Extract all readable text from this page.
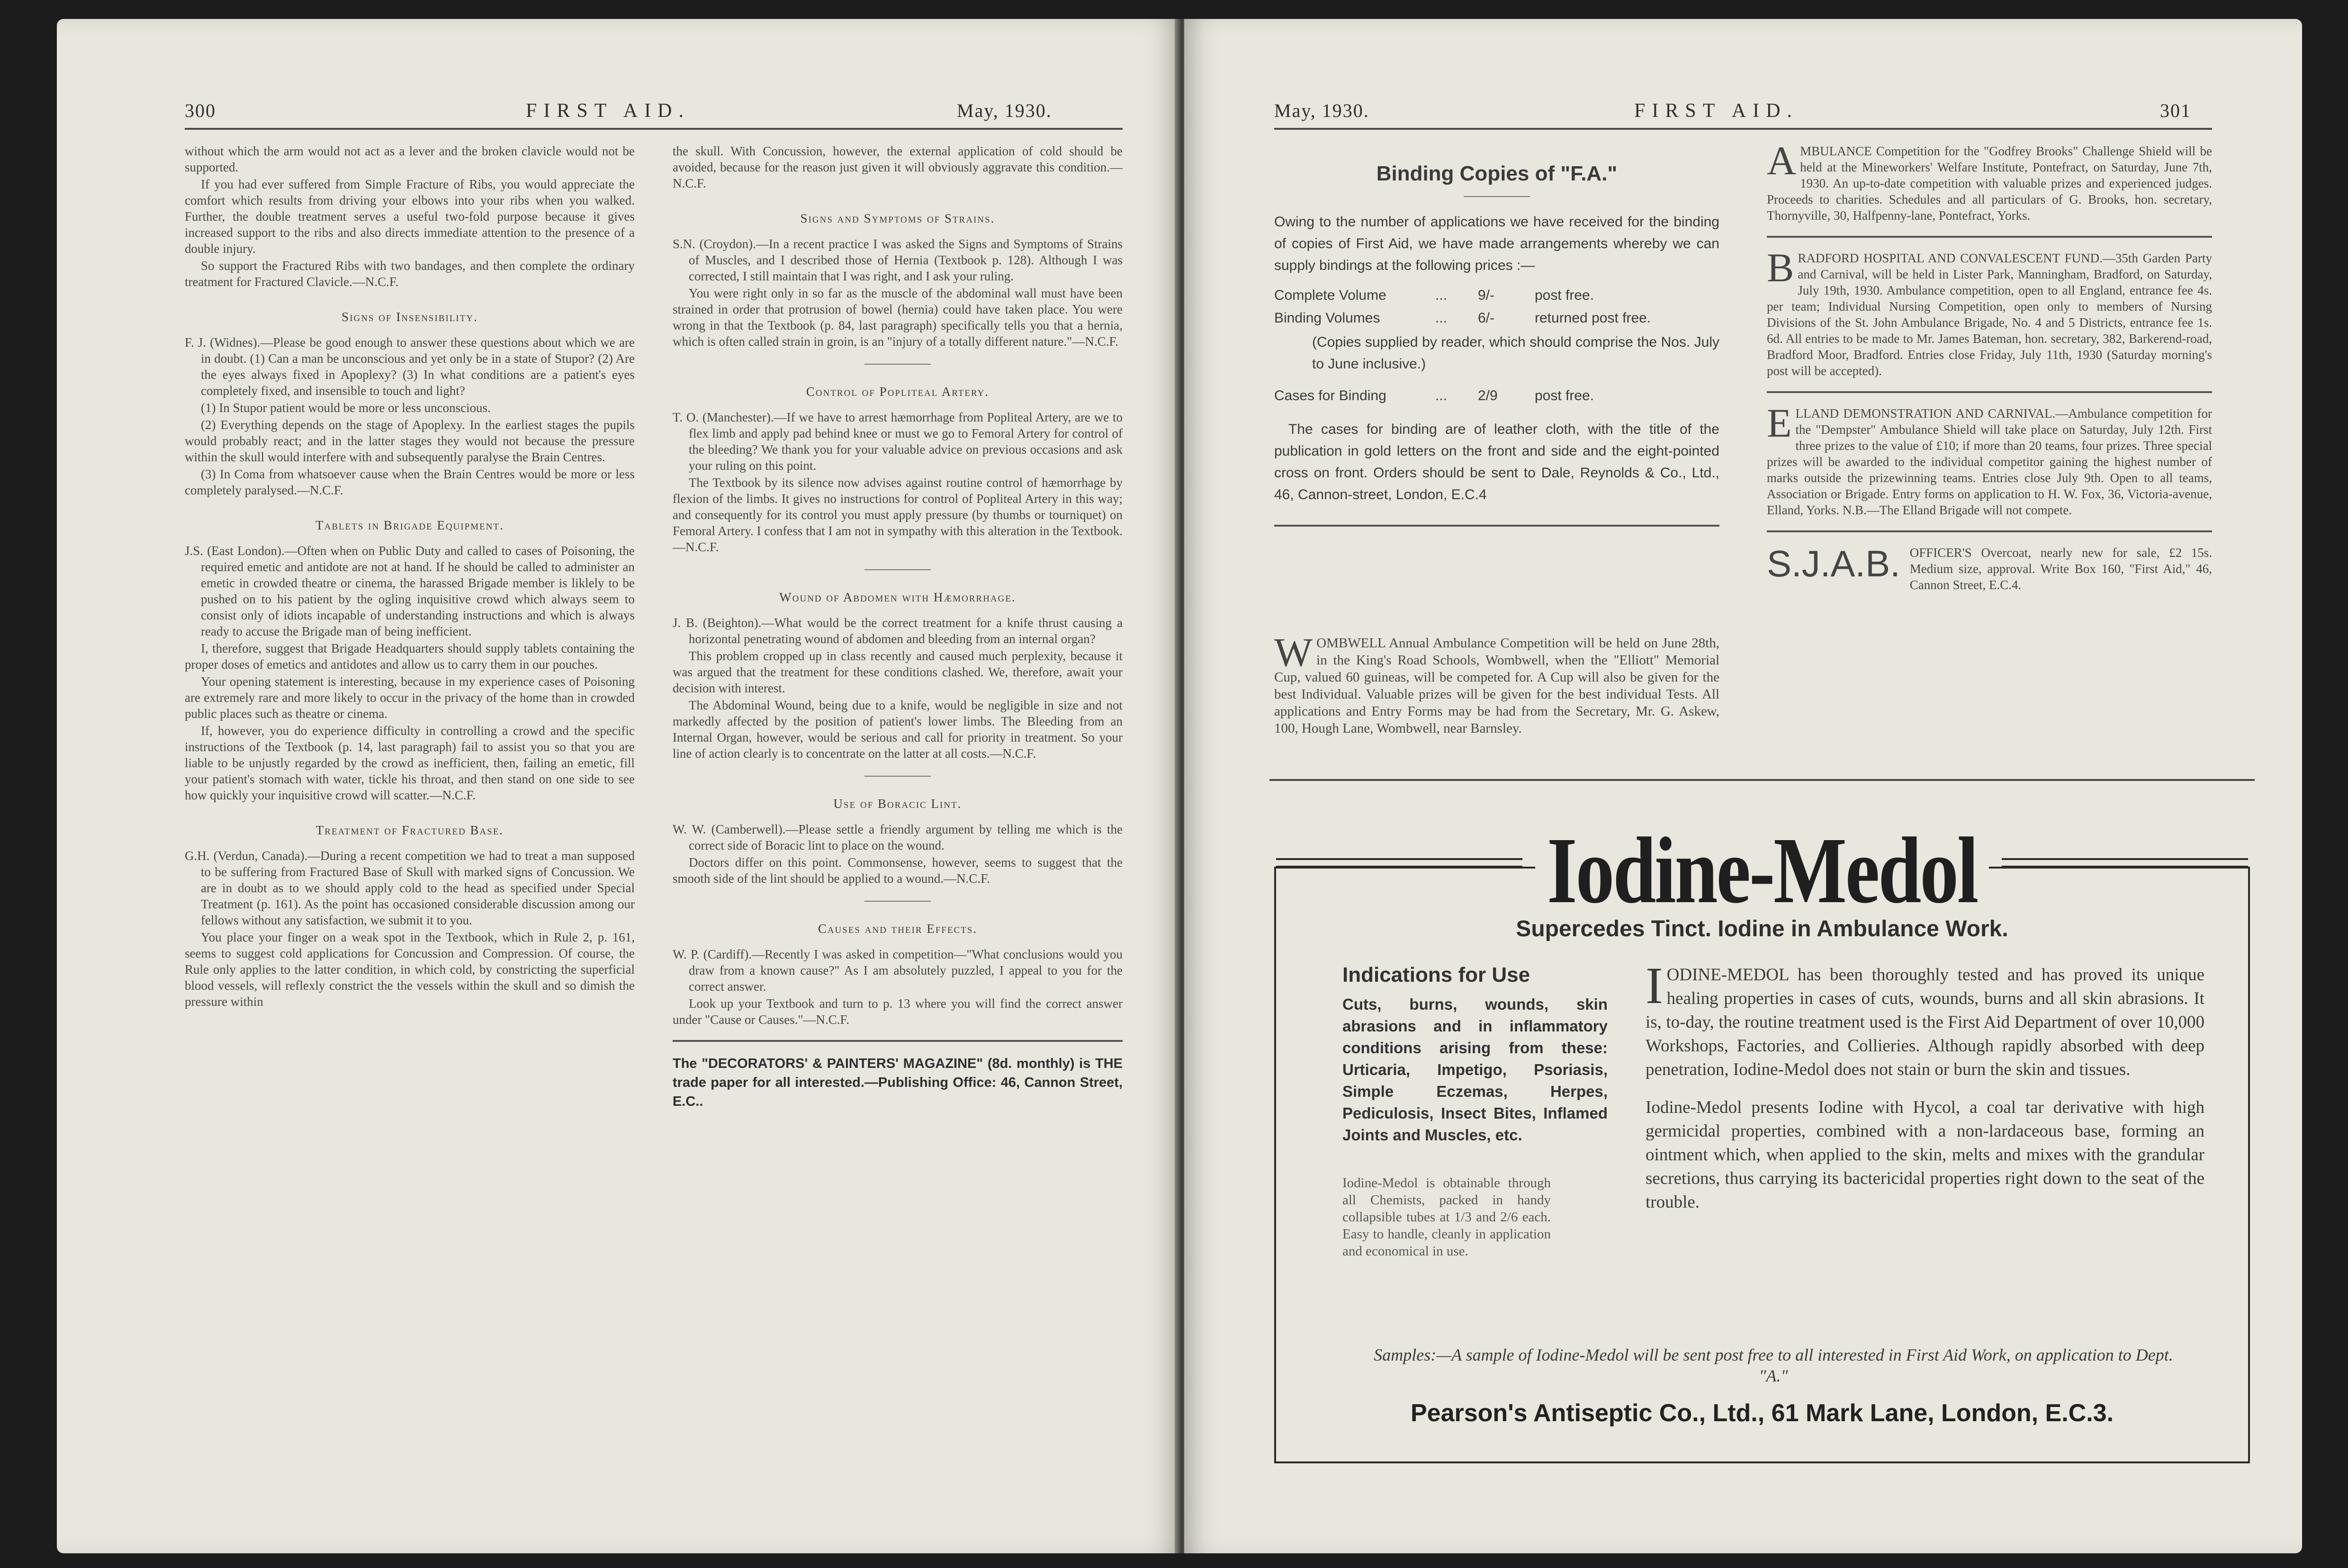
300	FIRST AID.	May, 1930.

without which the arm would not act as a lever and the broken clavicle would not be supported.

If you had ever suffered from Simple Fracture of Ribs, you would appreciate the comfort which results from driving your elbows into your ribs when you walked. Further, the double treatment serves a useful two-fold purpose because it gives increased support to the ribs and also directs immediate attention to the presence of a double injury.

So support the Fractured Ribs with two bandages, and then complete the ordinary treatment for Fractured Clavicle.—N.C.F.

Signs of Insensibility.

F. J. (Widnes).—Please be good enough to answer these questions about which we are in doubt. (1) Can a man be unconscious and yet only be in a state of Stupor? (2) Are the eyes always fixed in Apoplexy? (3) In what conditions are a patient's eyes completely fixed, and insensible to touch and light?

(1) In Stupor patient would be more or less unconscious.

(2) Everything depends on the stage of Apoplexy. In the earliest stages the pupils would probably react; and in the latter stages they would not because the pressure within the skull would interfere with and subsequently paralyse the Brain Centres.

(3) In Coma from whatsoever cause when the Brain Centres would be more or less completely paralysed.—N.C.F.

Tablets in Brigade Equipment.

J.S. (East London).—Often when on Public Duty and called to cases of Poisoning, the required emetic and antidote are not at hand. If he should be called to administer an emetic in crowded theatre or cinema, the harassed Brigade member is liklely to be pushed on to his patient by the ogling inquisitive crowd which always seem to consist only of idiots incapable of understanding instructions and which is always ready to accuse the Brigade man of being inefficient.

I, therefore, suggest that Brigade Headquarters should supply tablets containing the proper doses of emetics and antidotes and allow us to carry them in our pouches.

Your opening statement is interesting, because in my experience cases of Poisoning are extremely rare and more likely to occur in the privacy of the home than in crowded public places such as theatre or cinema.

If, however, you do experience difficulty in controlling a crowd and the specific instructions of the Textbook (p. 14, last paragraph) fail to assist you so that you are liable to be unjustly regarded by the crowd as inefficient, then, failing an emetic, fill your patient's stomach with water, tickle his throat, and then stand on one side to see how quickly your inquisitive crowd will scatter.—N.C.F.

Treatment of Fractured Base.

G.H. (Verdun, Canada).—During a recent competition we had to treat a man supposed to be suffering from Fractured Base of Skull with marked signs of Concussion. We are in doubt as to we should apply cold to the head as specified under Special Treatment (p. 161). As the point has occasioned considerable discussion among our fellows without any satisfaction, we submit it to you.

You place your finger on a weak spot in the Textbook, which in Rule 2, p. 161, seems to suggest cold applications for Concussion and Compression. Of course, the Rule only applies to the latter condition, in which cold, by constricting the superficial blood vessels, will reflexly constrict the the vessels within the skull and so dimish the pressure within

the skull. With Concussion, however, the external application of cold should be avoided, because for the reason just given it will obviously aggravate this condition.—N.C.F.

Signs and Symptoms of Strains.

S.N. (Croydon).—In a recent practice I was asked the Signs and Symptoms of Strains of Muscles, and I described those of Hernia (Textbook p. 128). Although I was corrected, I still maintain that I was right, and I ask your ruling.

You were right only in so far as the muscle of the abdominal wall must have been strained in order that protrusion of bowel (hernia) could have taken place. You were wrong in that the Textbook (p. 84, last paragraph) specifically tells you that a hernia, which is often called strain in groin, is an "injury of a totally different nature."—N.C.F.

Control of Popliteal Artery.

T. O. (Manchester).—If we have to arrest hæmorrhage from Popliteal Artery, are we to flex limb and apply pad behind knee or must we go to Femoral Artery for control of the bleeding? We thank you for your valuable advice on previous occasions and ask your ruling on this point.

The Textbook by its silence now advises against routine control of hæmorrhage by flexion of the limbs. It gives no instructions for control of Popliteal Artery in this way; and consequently for its control you must apply pressure (by thumbs or tourniquet) on Femoral Artery. I confess that I am not in sympathy with this alteration in the Textbook.—N.C.F.

Wound of Abdomen with Hæmorrhage.

J. B. (Beighton).—What would be the correct treatment for a knife thrust causing a horizontal penetrating wound of abdomen and bleeding from an internal organ?

This problem cropped up in class recently and caused much perplexity, because it was argued that the treatment for these conditions clashed. We, therefore, await your decision with interest.

The Abdominal Wound, being due to a knife, would be negligible in size and not markedly affected by the position of patient's lower limbs. The Bleeding from an Internal Organ, however, would be serious and call for priority in treatment. So your line of action clearly is to concentrate on the latter at all costs.—N.C.F.

Use of Boracic Lint.

W. W. (Camberwell).—Please settle a friendly argument by telling me which is the correct side of Boracic lint to place on the wound.

Doctors differ on this point. Commonsense, however, seems to suggest that the smooth side of the lint should be applied to a wound.—N.C.F.

Causes and their Effects.

W. P. (Cardiff).—Recently I was asked in competition—"What conclusions would you draw from a known cause?" As I am absolutely puzzled, I appeal to you for the correct answer.

Look up your Textbook and turn to p. 13 where you will find the correct answer under "Cause or Causes."—N.C.F.

The "DECORATORS' & PAINTERS' MAGAZINE" (8d. monthly) is THE trade paper for all interested.—Publishing Office: 46, Cannon Street, E.C..

May, 1930.	FIRST AID.	301
Binding Copies of "F.A."

Owing to the number of applications we have received for the binding of copies of First Aid, we have made arrangements whereby we can supply bindings at the following prices :—

Complete Volume	...	9/-	post free.
Binding Volumes	...	6/-	returned post free.

(Copies supplied by reader, which should comprise the Nos. July to June inclusive.)

Cases for Binding	...	2/9	post free.

The cases for binding are of leather cloth, with the title of the publication in gold letters on the front and side and the eight-pointed cross on front. Orders should be sent to Dale, Reynolds & Co., Ltd., 46, Cannon-street, London, E.C.4

W OMBWELL Annual Ambulance Competition will be held on June 28th, in the King's Road Schools, Wombwell, when the "Elliott" Memorial Cup, valued 60 guineas, will be competed for. A Cup will also be given for the best Individual. Valuable prizes will be given for the best individual Tests. All applications and Entry Forms may be had from the Secretary, Mr. G. Askew, 100, Hough Lane, Wombwell, near Barnsley.
A MBULANCE Competition for the "Godfrey Brooks" Challenge Shield will be held at the Mineworkers' Welfare Institute, Pontefract, on Saturday, June 7th, 1930. An up-to-date competition with valuable prizes and experienced judges. Proceeds to charities. Schedules and all particulars of G. Brooks, hon. secretary, Thornyville, 30, Halfpenny-lane, Pontefract, Yorks.
B RADFORD HOSPITAL AND CONVALESCENT FUND.—35th Garden Party and Carnival, will be held in Lister Park, Manningham, Bradford, on Saturday, July 19th, 1930. Ambulance competition, open to all England, entrance fee 4s. per team; Individual Nursing Competition, open only to members of Nursing Divisions of the St. John Ambulance Brigade, No. 4 and 5 Districts, entrance fee 1s. 6d. All entries to be made to Mr. James Bateman, hon. secretary, 382, Barkerend-road, Bradford Moor, Bradford. Entries close Friday, July 11th, 1930 (Saturday morning's post will be accepted).
E LLAND DEMONSTRATION AND CARNIVAL.—Ambulance competition for the "Dempster" Ambulance Shield will take place on Saturday, July 12th. First three prizes to the value of £10; if more than 20 teams, four prizes. Three special prizes will be awarded to the individual competitor gaining the highest number of marks outside the prizewinning teams. Entries close July 9th. Open to all teams, Association or Brigade. Entry forms on application to H. W. Fox, 36, Victoria-avenue, Elland, Yorks. N.B.—The Elland Brigade will not compete.
S.J.A.B. OFFICER'S Overcoat, nearly new for sale, £2 15s. Medium size, approval. Write Box 160, "First Aid," 46, Cannon Street, E.C.4.
Iodine-Medol
Supercedes Tinct. Iodine in Ambulance Work.
Indications for Use
Cuts, burns, wounds, skin abrasions and in inflammatory conditions arising from these: Urticaria, Impetigo, Psoriasis, Simple Eczemas, Herpes, Pediculosis, Insect Bites, Inflamed Joints and Muscles, etc.
Iodine-Medol is obtainable through all Chemists, packed in handy collapsible tubes at 1/3 and 2/6 each. Easy to handle, cleanly in application and economical in use.

I ODINE-MEDOL has been thoroughly tested and has proved its unique healing properties in cases of cuts, wounds, burns and all skin abrasions. It is, to-day, the routine treatment used is the First Aid Department of over 10,000 Workshops, Factories, and Collieries. Although rapidly absorbed with deep penetration, Iodine-Medol does not stain or burn the skin and tissues.

Iodine-Medol presents Iodine with Hycol, a coal tar derivative with high germicidal properties, combined with a non-lardaceous base, forming an ointment which, when applied to the skin, melts and mixes with the grandular secretions, thus carrying its bactericidal properties right down to the seat of the trouble.

Samples:—A sample of Iodine-Medol will be sent post free to all interested in First Aid Work, on application to Dept. "A."
Pearson's Antiseptic Co., Ltd., 61 Mark Lane, London, E.C.3.
